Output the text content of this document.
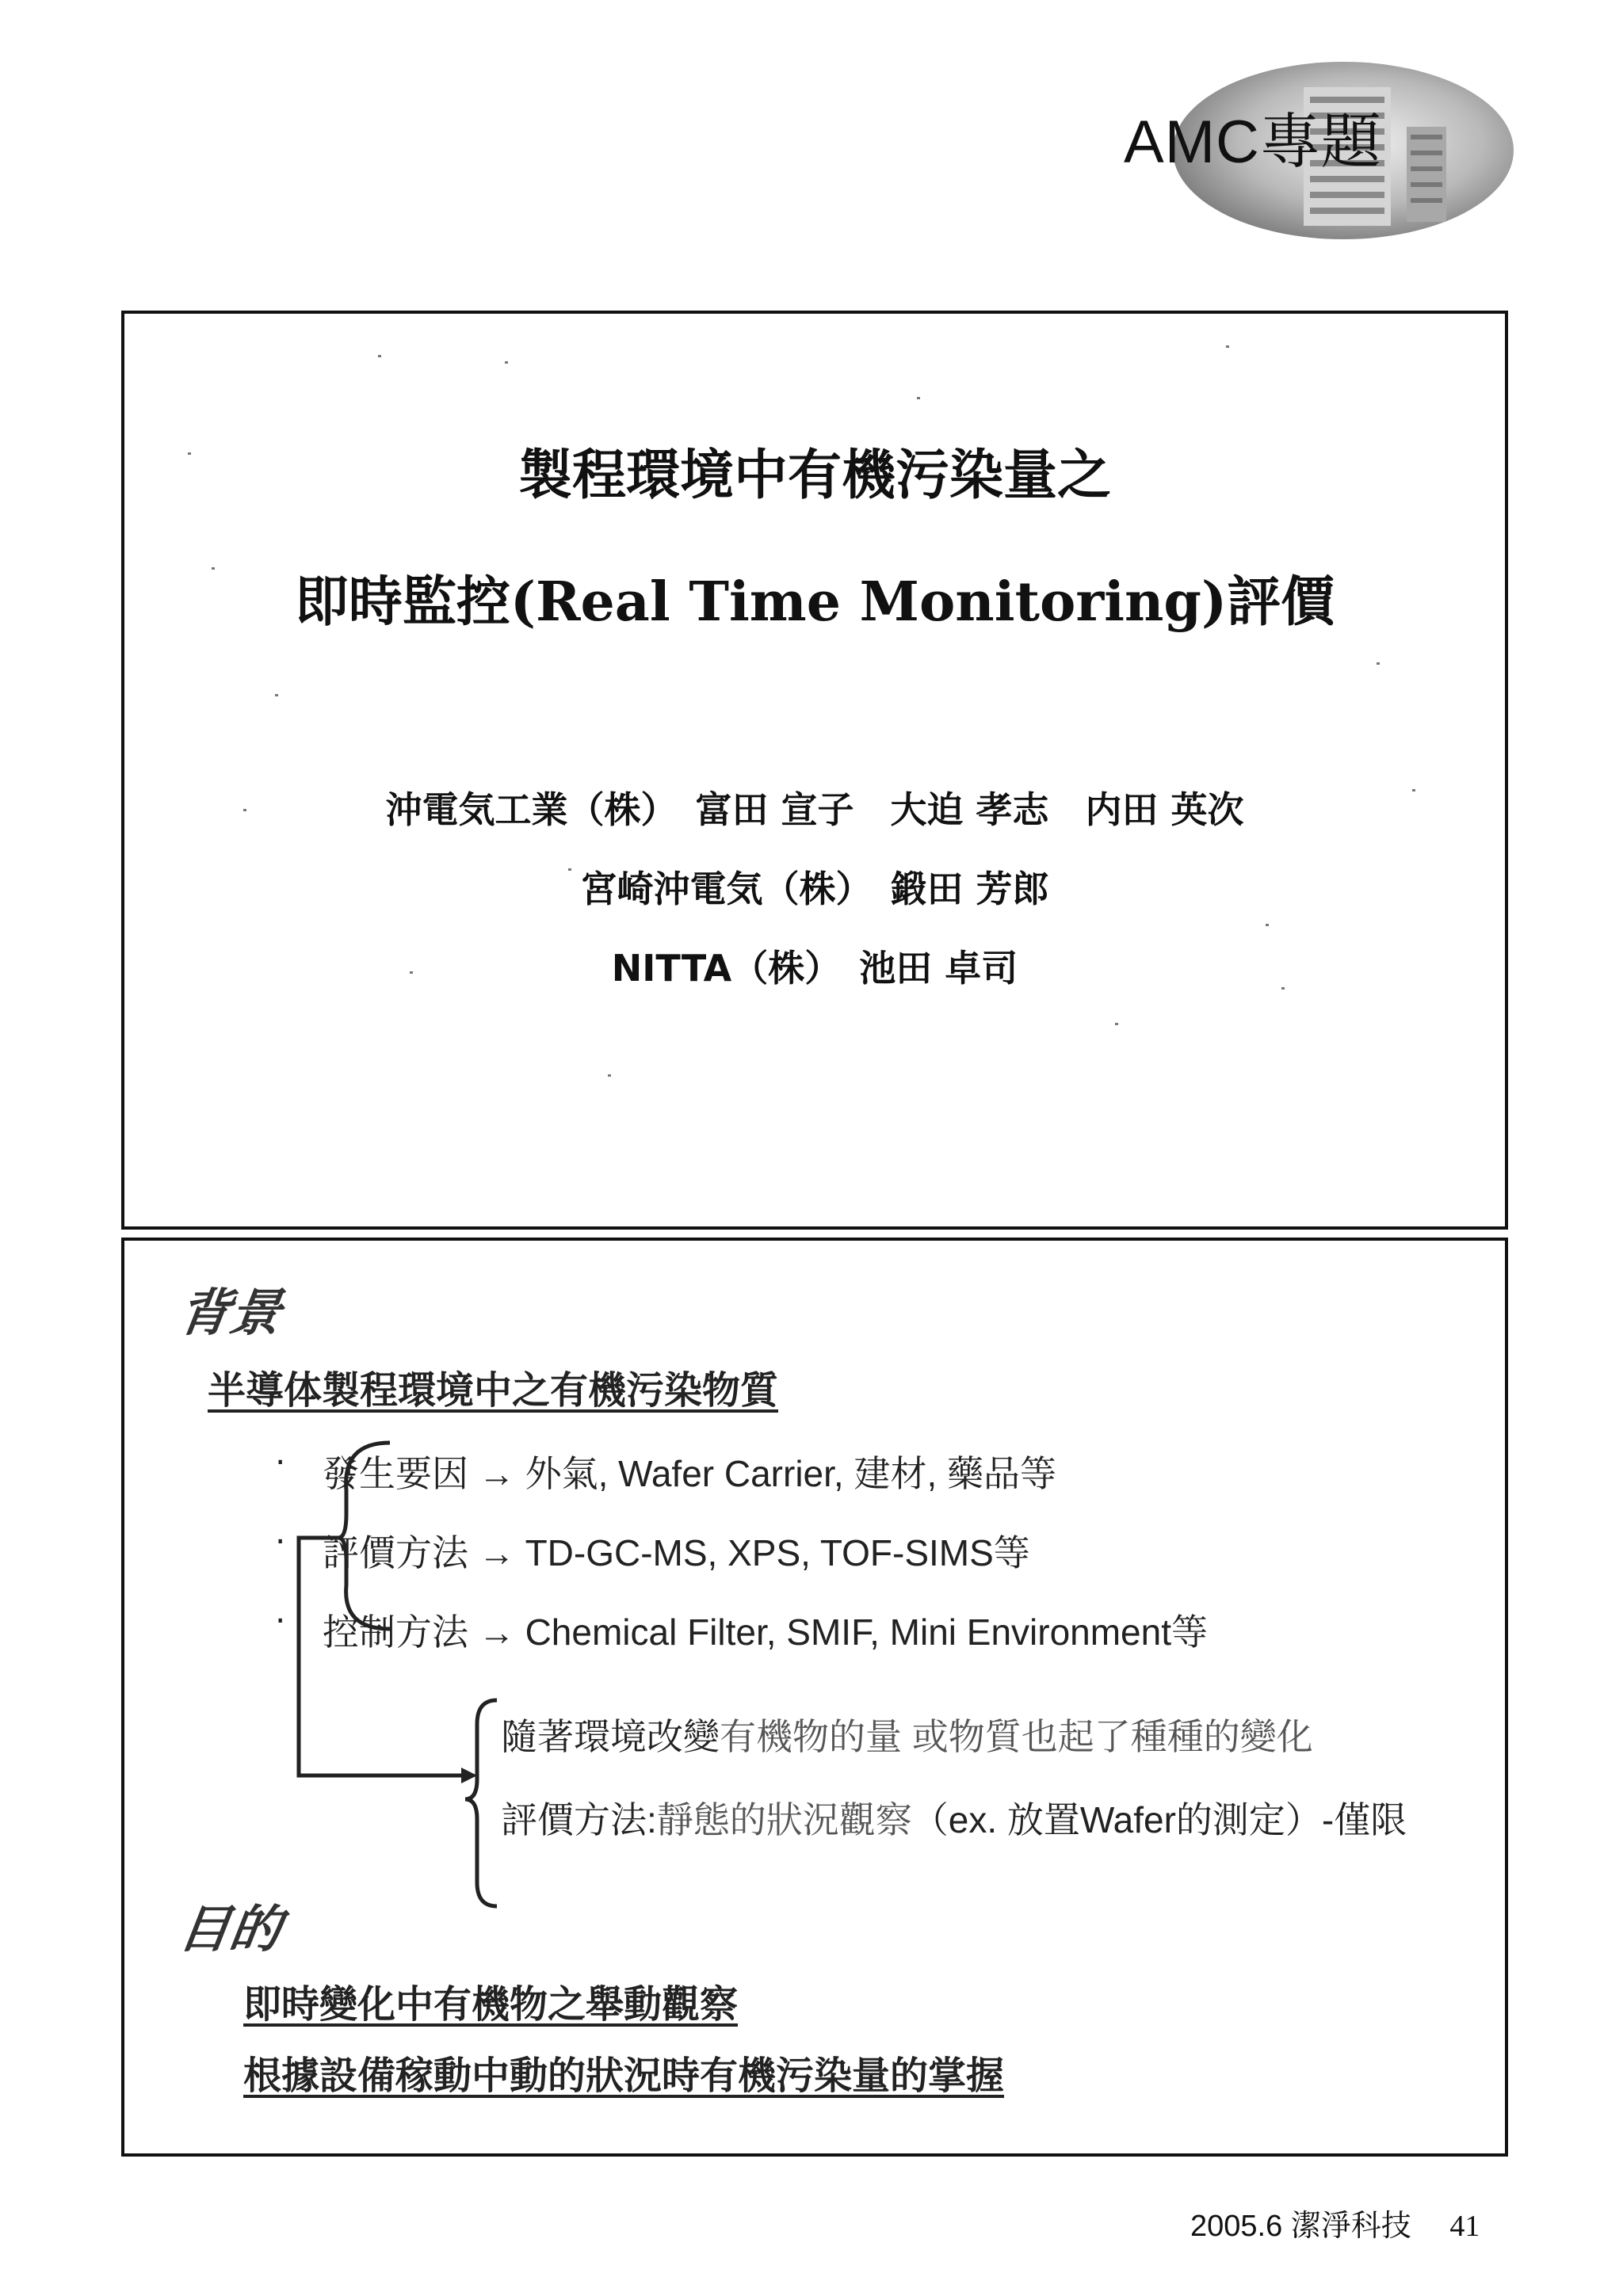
AMC專題
製程環境中有機污染量之
即時監控(Real Time Monitoring)評價
沖電気工業（株）　富田 宣子　大迫 孝志　内田 英次
宮崎沖電気（株）　鍛田 芳郎
NITTA（株）　池田 卓司
背景
半導体製程環境中之有機污染物質
· 發生要因 → 外氣, Wafer Carrier, 建材, 藥品等
· 評價方法 → TD-GC-MS, XPS, TOF-SIMS等
· 控制方法 → Chemical Filter, SMIF, Mini Environment等
隨著環境改變有機物的量 或物質也起了種種的變化
評價方法:靜態的狀況觀察（ex. 放置Wafer的測定）-僅限
目的
即時變化中有機物之舉動觀察
根據設備稼動中動的狀況時有機污染量的掌握
2005.6 潔淨科技 41
